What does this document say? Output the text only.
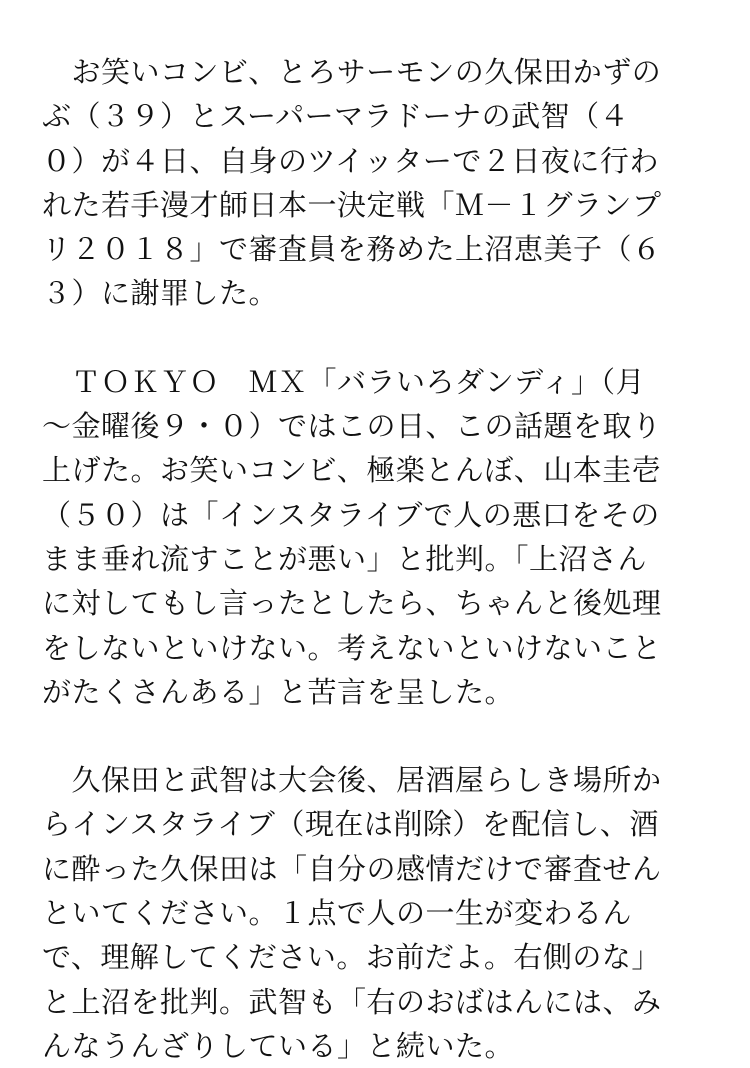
　お笑いコンビ、とろサーモンの久保田かずの
ぶ（３９）とスーパーマラドーナの武智（４
０）が４日、自身のツイッターで２日夜に行わ
れた若手漫才師日本一決定戦「Ｍ－１グランプ
リ２０１８」で審査員を務めた上沼恵美子（６
３）に謝罪した。
　ＴＯＫＹＯ　ＭＸ「バラいろダンディ」（月
～金曜後９・０）ではこの日、この話題を取り
上げた。お笑いコンビ、極楽とんぼ、山本圭壱
（５０）は「インスタライブで人の悪口をその
まま垂れ流すことが悪い」と批判。「上沼さん
に対してもし言ったとしたら、ちゃんと後処理
をしないといけない。考えないといけないこと
がたくさんある」と苦言を呈した。
　久保田と武智は大会後、居酒屋らしき場所か
らインスタライブ（現在は削除）を配信し、酒
に酔った久保田は「自分の感情だけで審査せん
といてください。１点で人の一生が変わるん
で、理解してください。お前だよ。右側のな」
と上沼を批判。武智も「右のおばはんには、み
んなうんざりしている」と続いた。
